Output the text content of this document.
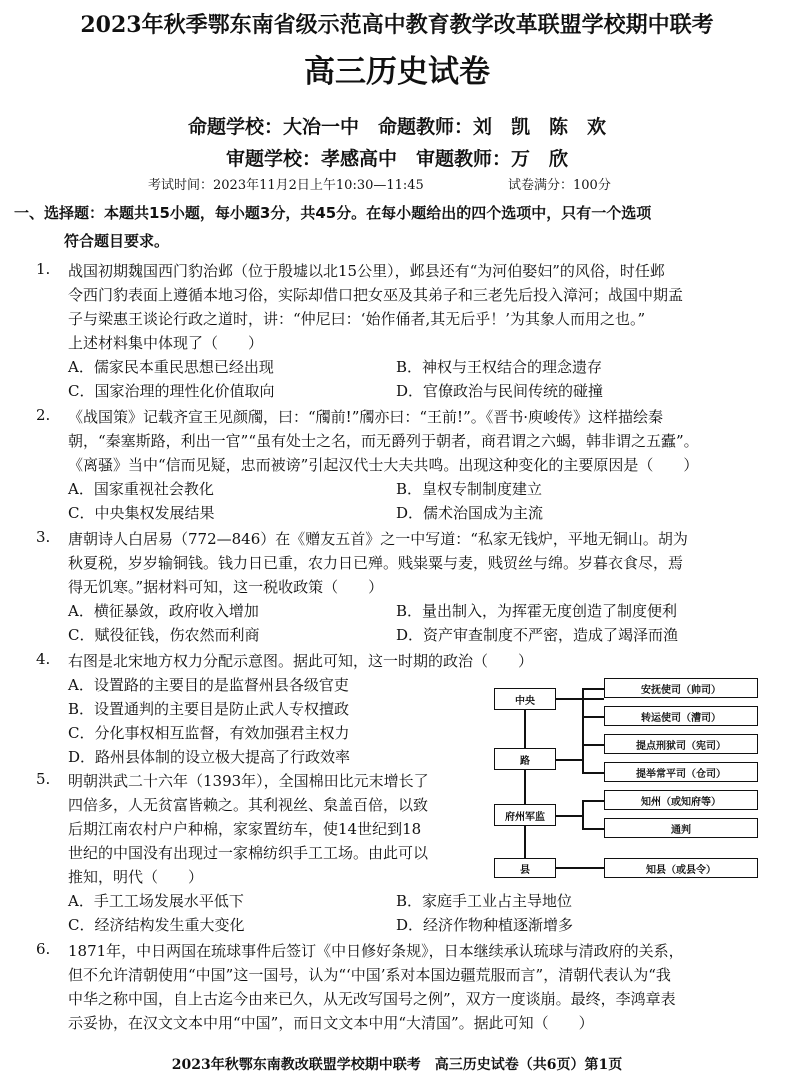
2023年秋季鄂东南省级示范高中教育教学改革联盟学校期中联考
高三历史试卷
命题学校：大冶一中　命题教师：刘　凯　陈　欢
审题学校：孝感高中　审题教师：万　欣
考试时间：2023年11月2日上午10:30—11:45	试卷满分：100分
一、选择题：本题共15小题，每小题3分，共45分。在每小题给出的四个选项中，只有一个选项
符合题目要求。
1. 战国初期魏国西门豹治邺（位于殷墟以北15公里），邺县还有“为河伯娶妇”的风俗，时任邺
令西门豹表面上遵循本地习俗，实际却借口把女巫及其弟子和三老先后投入漳河；战国中期孟
子与梁惠王谈论行政之道时，讲：“仲尼曰：‘始作俑者,其无后乎！’为其象人而用之也。”
上述材料集中体现了（　　）
A．儒家民本重民思想已经出现	B．神权与王权结合的理念遗存
C．国家治理的理性化价值取向	D．官僚政治与民间传统的碰撞
2. 《战国策》记载齐宣王见颜斶，曰：“斶前!”斶亦曰：“王前!”。《晋书·庾峻传》这样描绘秦
朝，“秦塞斯路，利出一官”“虽有处士之名，而无爵列于朝者，商君谓之六蝎，韩非谓之五蠹”。
《离骚》当中“信而见疑，忠而被谤”引起汉代士大夫共鸣。出现这种变化的主要原因是（　　）
A．国家重视社会教化	B．皇权专制制度建立
C．中央集权发展结果	D．儒术治国成为主流
3. 唐朝诗人白居易（772—846）在《赠友五首》之一中写道：“私家无钱炉，平地无铜山。胡为
秋夏税，岁岁输铜钱。钱力日已重，农力日已殚。贱粜粟与麦，贱贸丝与绵。岁暮衣食尽，焉
得无饥寒。”据材料可知，这一税收政策（　　）
A．横征暴敛，政府收入增加	B．量出制入，为挥霍无度创造了制度便利
C．赋役征钱，伤农然而利商	D．资产审查制度不严密，造成了竭泽而渔
4. 右图是北宋地方权力分配示意图。据此可知，这一时期的政治（　　）
A．设置路的主要目的是监督州县各级官吏
B．设置通判的主要目是防止武人专权擅政
C．分化事权相互监督，有效加强君主权力
D．路州县体制的设立极大提高了行政效率
5. 明朝洪武二十六年（1393年），全国棉田比元末增长了
四倍多，人无贫富皆赖之。其利视丝、枲盖百倍，以致
后期江南农村户户种棉，家家置纺车，使14世纪到18
世纪的中国没有出现过一家棉纺织手工工场。由此可以
推知，明代（　　）
A．手工工场发展水平低下	B．家庭手工业占主导地位
C．经济结构发生重大变化	D．经济作物种植逐渐增多
6. 1871年，中日两国在琉球事件后签订《中日修好条规》，日本继续承认琉球与清政府的关系，
但不允许清朝使用“中国”这一国号，认为“‘中国’系对本国边疆荒服而言”，清朝代表认为“我
中华之称中国，自上古迄今由来已久，从无改写国号之例”，双方一度谈崩。最终，李鸿章表
示妥协，在汉文文本中用“中国”，而日文文本中用“大清国”。据此可知（　　）
中央
路
府州军监
县
安抚使司（帅司）
转运使司（漕司）
提点刑狱司（宪司）
提举常平司（仓司）
知州（或知府等）
通判
知县（或县令）
2023年秋鄂东南教改联盟学校期中联考　高三历史试卷（共6页）第1页
